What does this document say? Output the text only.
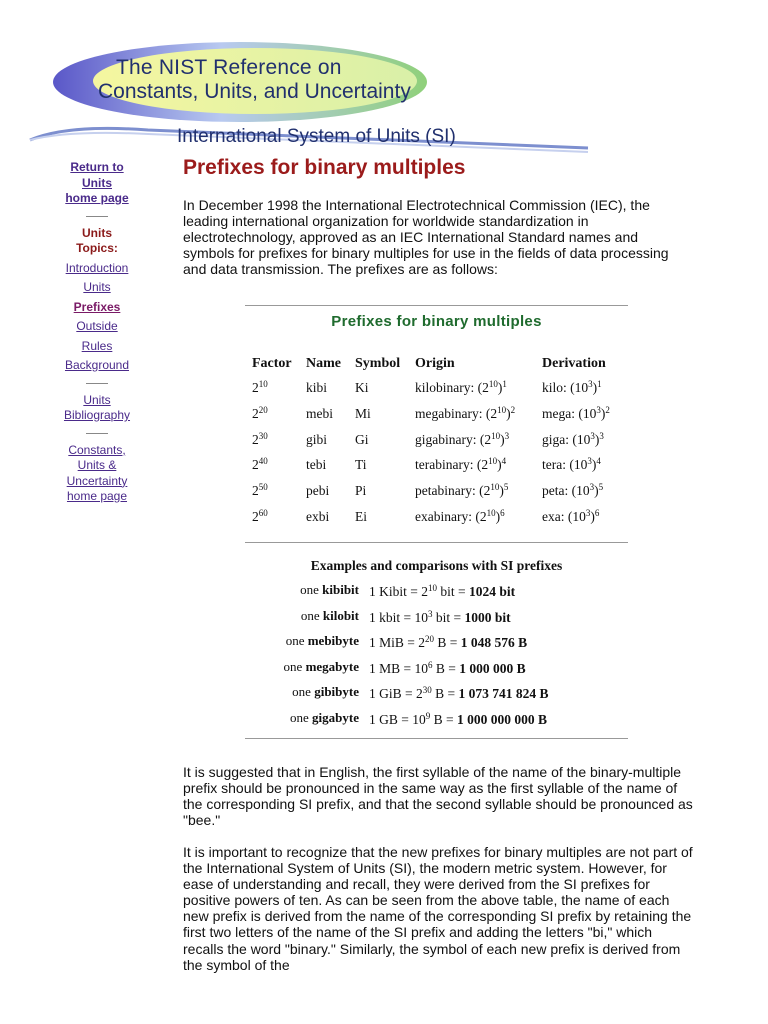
The NIST Reference on
Constants, Units, and Uncertainty
International System of Units (SI)
Return to
Units
home page
Units
Topics:
Introduction
Units
Prefixes
Outside
Rules
Background
Units
Bibliography
Constants,
Units &
Uncertainty
home page
Prefixes for binary multiples

In December 1998 the International Electrotechnical Commission (IEC), the leading international organization for worldwide standardization in electrotechnology, approved as an IEC International Standard names and symbols for prefixes for binary multiples for use in the fields of data processing and data transmission. The prefixes are as follows:

Prefixes for binary multiples
Factor Name Symbol Origin	Derivation
$2^{10}$	kibi Ki	kilobinary: $(2^{10})^1$	kilo: $(10^3)^1$
$2^{20}$	mebi Mi	megabinary: $(2^{10})^2$ mega: $(10^3)^2$
$2^{30}$	gibi Gi	gigabinary: $(2^{10})^3$ giga: $(10^3)^3$
$2^{40}$	tebi Ti	terabinary: $(2^{10})^4$	tera: $(10^3)^4$
$2^{50}$	pebi Pi	petabinary: $(2^{10})^5$ peta: $(10^3)^5$
$2^{60}$	exbi Ei	exabinary: $(2^{10})^6$	exa: $(10^3)^6$
Examples and comparisons with SI prefixes
one kibibit 1 Kibit = $2^{10}$ bit = 1024 bit
one kilobit 1 kbit = $10^3$ bit = 1000 bit
one mebibyte 1 MiB = $2^{20}$ B = 1 048 576 B
one megabyte 1 MB = $10^6$ B = 1 000 000 B
one gibibyte 1 GiB = $2^{30}$ B = 1 073 741 824 B
one gigabyte 1 GB = $10^9$ B = 1 000 000 000 B

It is suggested that in English, the first syllable of the name of the binary-multiple prefix should be pronounced in the same way as the first syllable of the name of the corresponding SI prefix, and that the second syllable should be pronounced as "bee."

It is important to recognize that the new prefixes for binary multiples are not part of the International System of Units (SI), the modern metric system. However, for ease of understanding and recall, they were derived from the SI prefixes for positive powers of ten. As can be seen from the above table, the name of each new prefix is derived from the name of the corresponding SI prefix by retaining the first two letters of the name of the SI prefix and adding the letters "bi," which recalls the word "binary." Similarly, the symbol of each new prefix is derived from the symbol of the
